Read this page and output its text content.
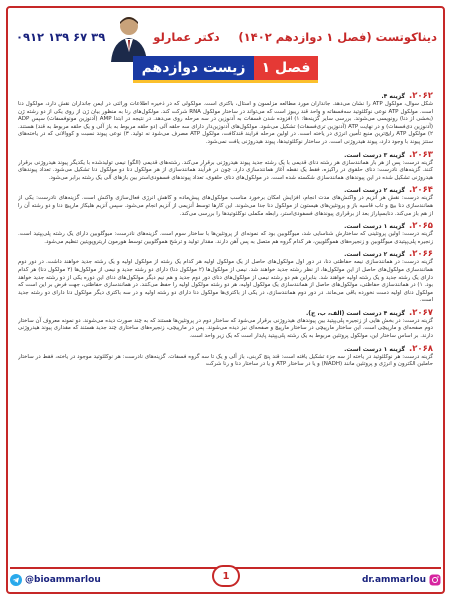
دیناکوتست (فصل ۱ دوازدهم ۱۴۰۲)
دکتر عمارلو
۰۹۱۲ ۱۳۹ ۶۷ ۳۹
زیست دوازدهم	فصل ۱
۲۰۶۲.
گزینه ۴.
شکل سوال، مولکول ATP را نشان می‌دهد. جانداران مورد مطالعه مزلسون و استال، باکتری است. مولکولی که در ذخیره اطلاعات وراثتی در ایمن جانداران نقش دارد، مولکول دنا است. مولکول ATP نوعی نوکلئوتید سه‌فسفاته و واحد قند ریبوز است که می‌تواند در ساختار مولکول RNA شرکت کند. مولکول‌های رنا به منظور بیان ژن از روی یکی از دو رشته ژن (بخشی از دنا) رونویسی می‌شوند. بررسی سایر گزینه‌ها: ۱) افزوده شدن فسفات به آدنوزین در سه مرحله روی می‌دهد. در نتیجه در ابتدا AMP (آدنوزین مونوفسفات) سپس ADP (آدنوزین دی‌فسفات) و در نهایت ATP (آدنوزین تری‌فسفات) تشکیل می‌شود. مولکول‌های آدنوزین‌دار دارای سه حلقه آلی (دو حلقه مربوط به باز آلی و یک حلقه مربوط به قند) هستند. ۲) مولکول ATP رایج‌ترین منبع تأمین انرژی در یاخته است. در اولین مرحله فرایند قندکافت، مولکول ATP مصرف می‌شود نه تولید. ۳) نوعی پیوند نسبت و کووالانی که در یاخته‌های سنتز پیوند با وجود دارد، پیوند هیدروژنی است. در ساختار نوکلئوتیدها، پیوند هیدروژنی یافت نمی‌شود.
۲۰۶۳.
گزینه ۳ درست است.
گزینه درست: پس از هر بار همانندسازی هر رشته دنای قدیمی با یک رشته جدید پیوند هیدروژنی برقرار می‌کند. رشته‌های قدیمی (الگو) نیمی تولیدشده با یکدیگر پیوند هیدروژنی برقرار کنند. گزینه‌های نادرست: دنای حلقوی در راکیزه، فقط یک نقطه آغاز همانندسازی دارد. چون در فرآیند همانندسازی از هر مولکول دنا دو مولکول دنا تشکیل می‌شود. تعداد پیوندهای هیدروژنی تشکیل شده در این پیوندهای همانندسازی شکسته شده است. در مولکول‌های دنای حلقوی، تعداد پیوندهای فسفودی‌استر بین بازهای آلی یک رشته برابر می‌شود.
۲۰۶۴.
گزینه ۲ درست است.
گزینه درست: نقش هر آنزیم در واکنش‌های مدت انجام، افزایش امکان برخورد مناسب مولکول‌های پیش‌ماده و کاهش انرژی فعال‌سازی واکنش است. گزینه‌های نادرست: یکی از همانندسازی دنا بیچ و تاب قاسیه باز و پروتئین‌های هیستون از مولکول دنا جدا می‌شوند. این کارها توسط آنزیمی از آنزیم انجام می‌شود. سپس آنزیم هلیکاز مارپیچ دنا و دو رشته آن را از هم باز می‌کند. دنابسپاراز بعد از برقراری پیوندهای فسفودی‌استر، رابطه مکملی نوکلئوتیدها را بررسی می‌کند.
۲۰۶۵.
گزینه ۱ درست است.
گزینه درست: اولین پروتئینی که ساختارش شناسایی شد، میوگلوبین بود که نمونه‌ای از پروتئین‌ها با ساختار سوم است. گزینه‌های نادرست: میوگلوبین دارای یک رشته پلی‌پپتید است. زنجیره پلی‌پپتیدی میوگلوبین و زنجیره‌های هموگلوبین، هر کدام گروه هم متصل به پس آهن دارند. مقدار تولید و ترشح هموگلوبین توسط هورمون اریتروپویتین تنظیم می‌شود.
۲۰۶۶.
گزینه ۲ درست است.
گزینه درست: در همانندسازی نیمه حفاظتی دنا، در دور اول مولکول‌های حاصل از یک مولکول اولیه هر کدام یک رشته از مولکول اولیه و یک رشته جدید خواهند داشت. در دور دوم همانندسازی مولکول‌های حاصل از این مولکول‌ها، از نظر رشته جدید خواهند شد. نیمی از مولکول‌ها (۲ مولکول دنا) دارای دو رشته جدید و نیمی از مولکول‌ها (۲ مولکول دنا) هر کدام دارای یک رشته جدید و یک رشته اولیه خواهند شد. بنابراین هم دو رشته نیمی از مولکول‌های دنای دور دوم جدید و هم نیم دیگر مولکول‌های دنای این دوره یکی از دو رشته جدید خواهد بود. ۱) در همانندسازی حفاظتی، مولکول‌های حاصل از همانندسازی یک مولکول اولیه، هر دو رشته مولکول اولیه را حفظ می‌کنند. در همانندسازی حفاظتی، جهت فرض بر این است که مولکول دنای اولیه دست نخورده باقی می‌ماند. در دور دوم همانندسازی، در یکی از باکتری‌ها مولکول دنا دارای دو رشته اولیه و در سه باکتری دیگر مولکول دنا دارای دو رشته جدید است.
۲۰۶۷.
گزینه ۴ درست است (الف، ب، ج).
گزینه درست: در بخش هایی از زنجیره پلی‌پپتید بین پیوندهای هیدروژنی برقرار می‌شود که ساختار دوم در پروتئین‌ها هستند که به چند صورت دیده می‌شوند. دو نمونه معروف آن ساختار دوم صفحه‌ای و مارپیچی است. این ساختار مارپیچی در ساختار مارپیچ و صفحه‌ای نیز دیده می‌شوند. پس در مارپیچی، زنجیره‌های ساختاری چند جدید هستند که مقداری پیوند هیدروژنی دارند. بر اساس ساختار این، مولکول پروتئین مربوط به یک رشته پلی‌پپتید پایدار است که یک زیر واحد است.
۲۰۶۸.
گزینه ۱ درست است.
گزینه درست: هر نوکلئوتید در یاخته از سه جزء تشکیل یافته است: قند پنج کربنی، باز آلی و یک تا سه گروه فسفات. گزینه‌های نادرست: هر نوکلئوتید موجود در یاخته، فقط در ساختار حاملین الکترون و انرژی و پروتئین مانند (NADH) و یا در ساختار ATP و یا در ساختار دنا و رنا شرکت
@bioammarlou	dr.ammarlou
1
